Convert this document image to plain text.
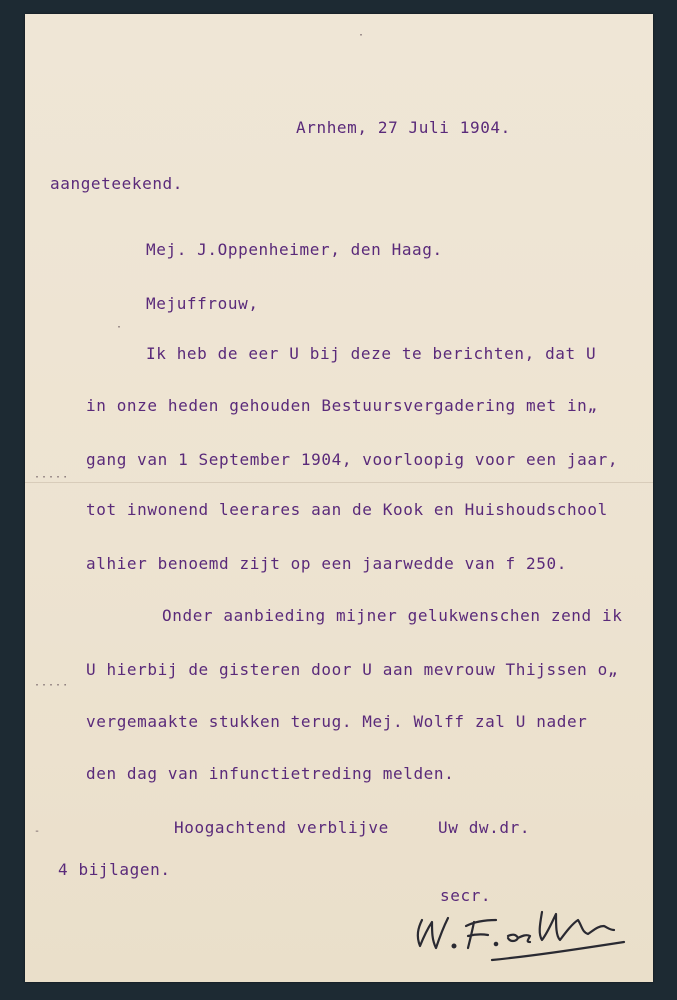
Arnhem, 27 Juli 1904.
aangeteekend.
Mej. J.Oppenheimer, den Haag.
Mejuffrouw,
Ik heb de eer U bij deze te berichten, dat U
in onze heden gehouden Bestuursvergadering met in„
gang van 1 September 1904, voorloopig voor een jaar,
tot inwonend leerares aan de Kook en Huishoudschool
alhier benoemd zijt op een jaarwedde van f 250.
Onder aanbieding mijner gelukwenschen zend ik
U hierbij de gisteren door U aan mevrouw Thijssen o„
vergemaakte stukken terug. Mej. Wolff zal U nader
den dag van infunctietreding melden.
Hoogachtend verblijve	Uw dw.dr.
4 bijlagen.
secr.
·····
·····
-
·
·
